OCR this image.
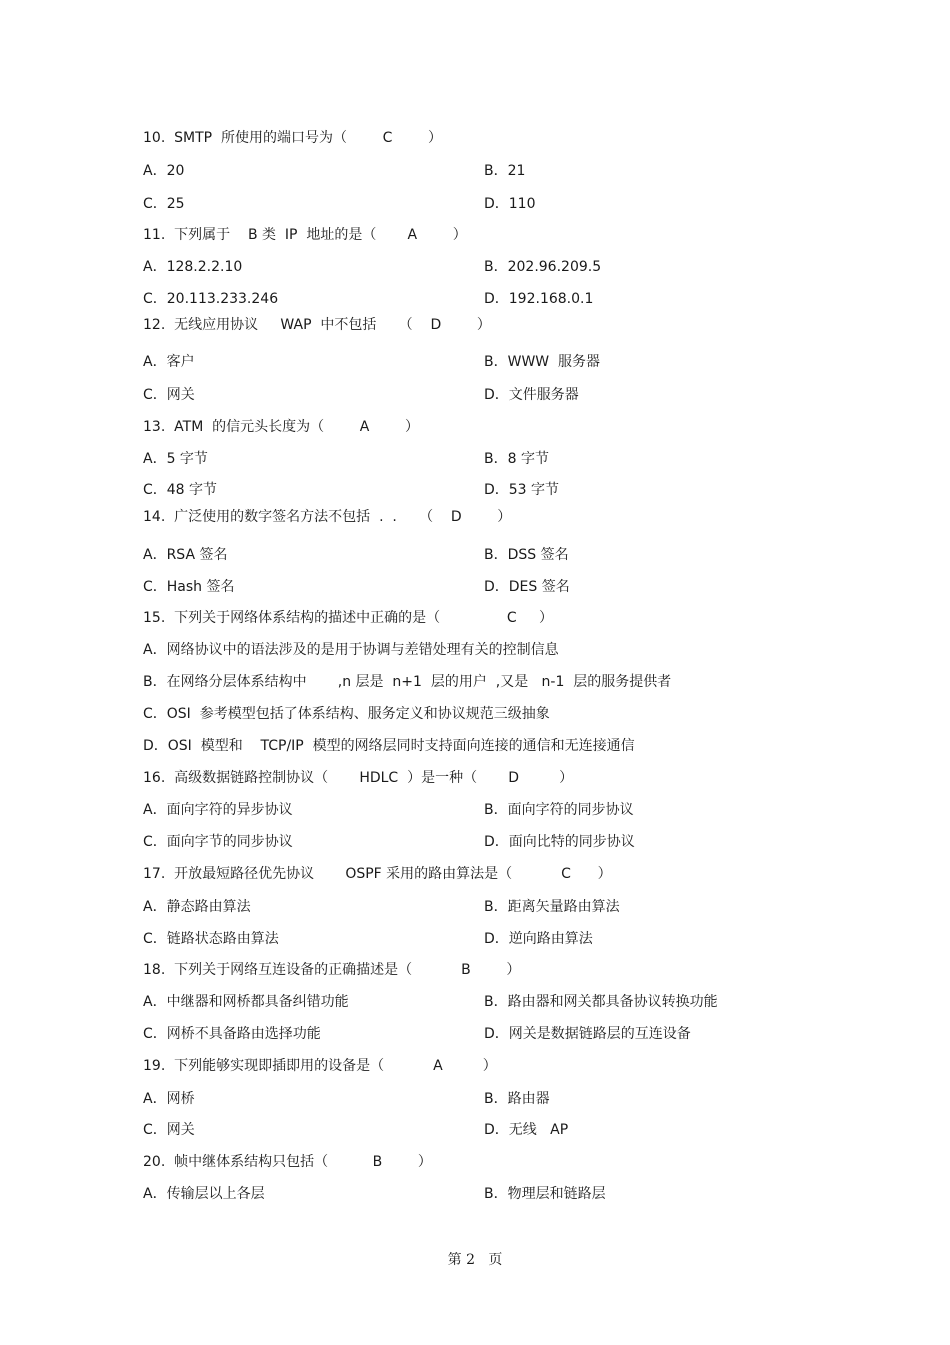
10.  SMTP  所使用的端口号为（        C        ）
A．20	B．21
C．25	D．110
11.  下列属于    B 类  IP  地址的是（       A        ）
A．128.2.2.10	B．202.96.209.5
C．20.113.233.246	D．192.168.0.1
12.  无线应用协议     WAP  中不包括     （    D        ）
A．客户	B．WWW  服务器
C．网关	D．文件服务器
13.  ATM  的信元头长度为（        A        ）
A．5 字节	B．8 字节
C．48 字节	D．53 字节
14.  广泛使用的数字签名方法不包括  .  .     （    D        ）
A．RSA 签名	B．DSS 签名
C．Hash 签名	D．DES 签名
15.  下列关于网络体系结构的描述中正确的是（               C     ）
A．网络协议中的语法涉及的是用于协调与差错处理有关的控制信息
B．在网络分层体系结构中       ,n 层是  n+1  层的用户  ,又是   n-1  层的服务提供者
C．OSI  参考模型包括了体系结构、服务定义和协议规范三级抽象
D．OSI  模型和    TCP/IP  模型的网络层同时支持面向连接的通信和无连接通信
16.  高级数据链路控制协议（       HDLC  ）是一种（       D         ）
A．面向字符的异步协议	B．面向字符的同步协议
C．面向字节的同步协议	D．面向比特的同步协议
17.  开放最短路径优先协议       OSPF 采用的路由算法是（           C      ）
A．静态路由算法	B．距离矢量路由算法
C．链路状态路由算法	D．逆向路由算法
18.  下列关于网络互连设备的正确描述是（           B        ）
A．中继器和网桥都具备纠错功能	B．路由器和网关都具备协议转换功能
C．网桥不具备路由选择功能	D．网关是数据链路层的互连设备
19.  下列能够实现即插即用的设备是（           A         ）
A．网桥	B．路由器
C．网关	D．无线   AP
20.  帧中继体系结构只包括（          B        ）
A．传输层以上各层	B．物理层和链路层
第 2   页
